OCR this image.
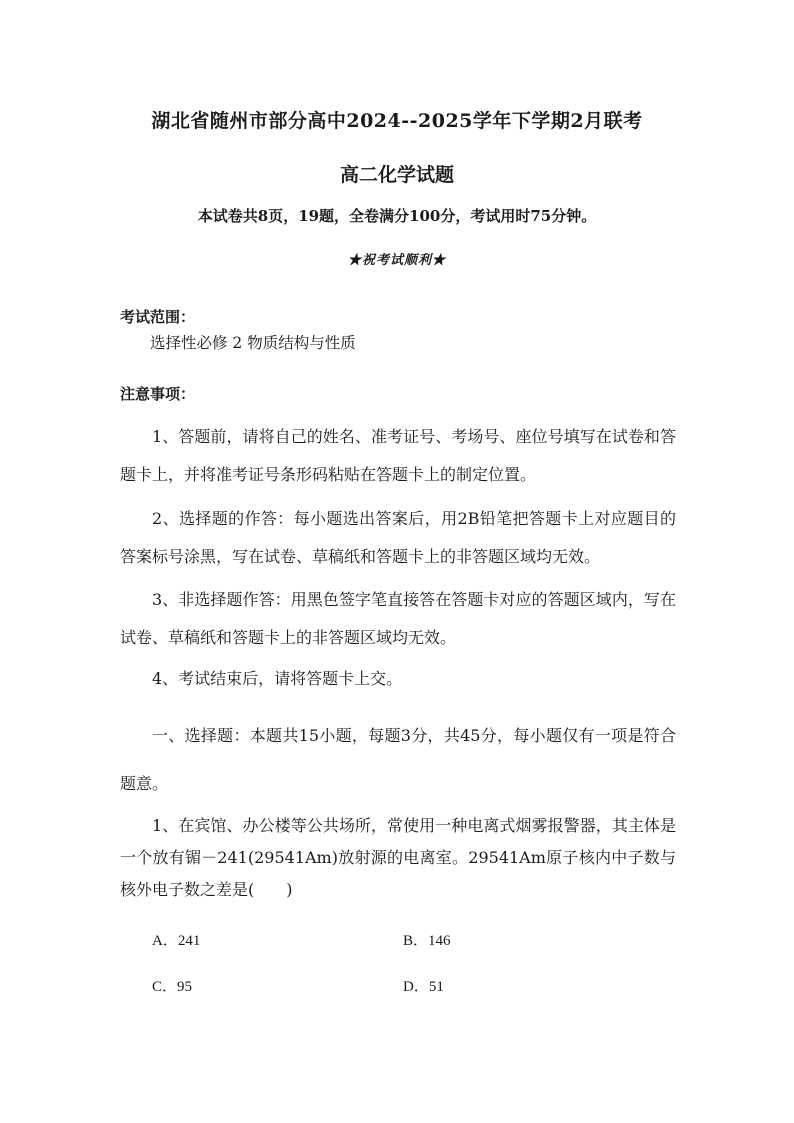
湖北省随州市部分高中2024--2025学年下学期2月联考
高二化学试题
本试卷共8页，19题，全卷满分100分，考试用时75分钟。
★祝考试顺利★
考试范围：
选择性必修 2 物质结构与性质
注意事项：
1、答题前，请将自己的姓名、准考证号、考场号、座位号填写在试卷和答题卡上，并将准考证号条形码粘贴在答题卡上的制定位置。
2、选择题的作答：每小题选出答案后，用2B铅笔把答题卡上对应题目的答案标号涂黑，写在试卷、草稿纸和答题卡上的非答题区域均无效。
3、非选择题作答：用黑色签字笔直接答在答题卡对应的答题区域内，写在试卷、草稿纸和答题卡上的非答题区域均无效。
4、考试结束后，请将答题卡上交。
一、选择题：本题共15小题，每题3分，共45分，每小题仅有一项是符合题意。
1、在宾馆、办公楼等公共场所，常使用一种电离式烟雾报警器，其主体是一个放有镅－241(29541Am)放射源的电离室。29541Am原子核内中子数与核外电子数之差是(　　)
A．241	B．146
C．95	D．51
